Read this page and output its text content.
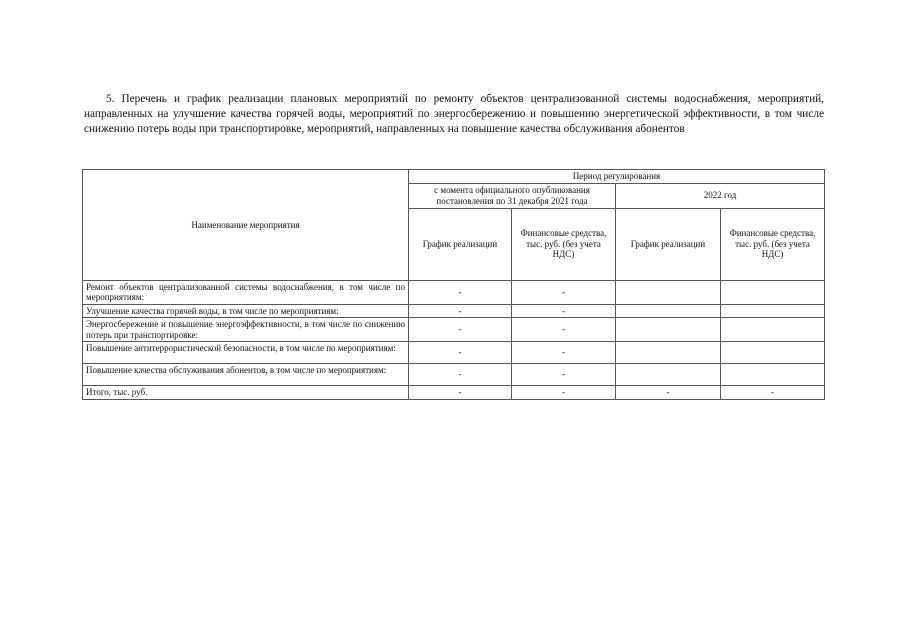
5. Перечень и график реализации плановых мероприятий по ремонту объектов централизованной системы водоснабжения, мероприятий, направленных на улучшение качества горячей воды, мероприятий по энергосбережению и повышению энергетической эффективности, в том числе снижению потерь воды при транспортировке, мероприятий, направленных на повышение качества обслуживания абонентов
Наименование мероприятия	Период регулирования			
	с момента официального опубликования постановления по 31 декабря 2021 года		2022 год	
	График реализации	Финансовые средства, тыс. руб. (без учета НДС)	График реализации	Финансовые средства, тыс. руб. (без учета НДС)
Ремонт объектов централизованной системы водоснабжения, в том числе по мероприятиям:	-	-		
Улучшение качества горячей воды, в том числе по мероприятиям:	-	-		
Энергосбережение и повышение энергоэффективности, в том числе по снижению потерь при транспортировке:	-	-		
Повышение антитеррористической безопасности, в том числе по мероприятиям:	-	-		
Повышение качества обслуживания абонентов, в том числе по мероприятиям:	-	-		
Итого, тыс. руб.	-	-	-	-
